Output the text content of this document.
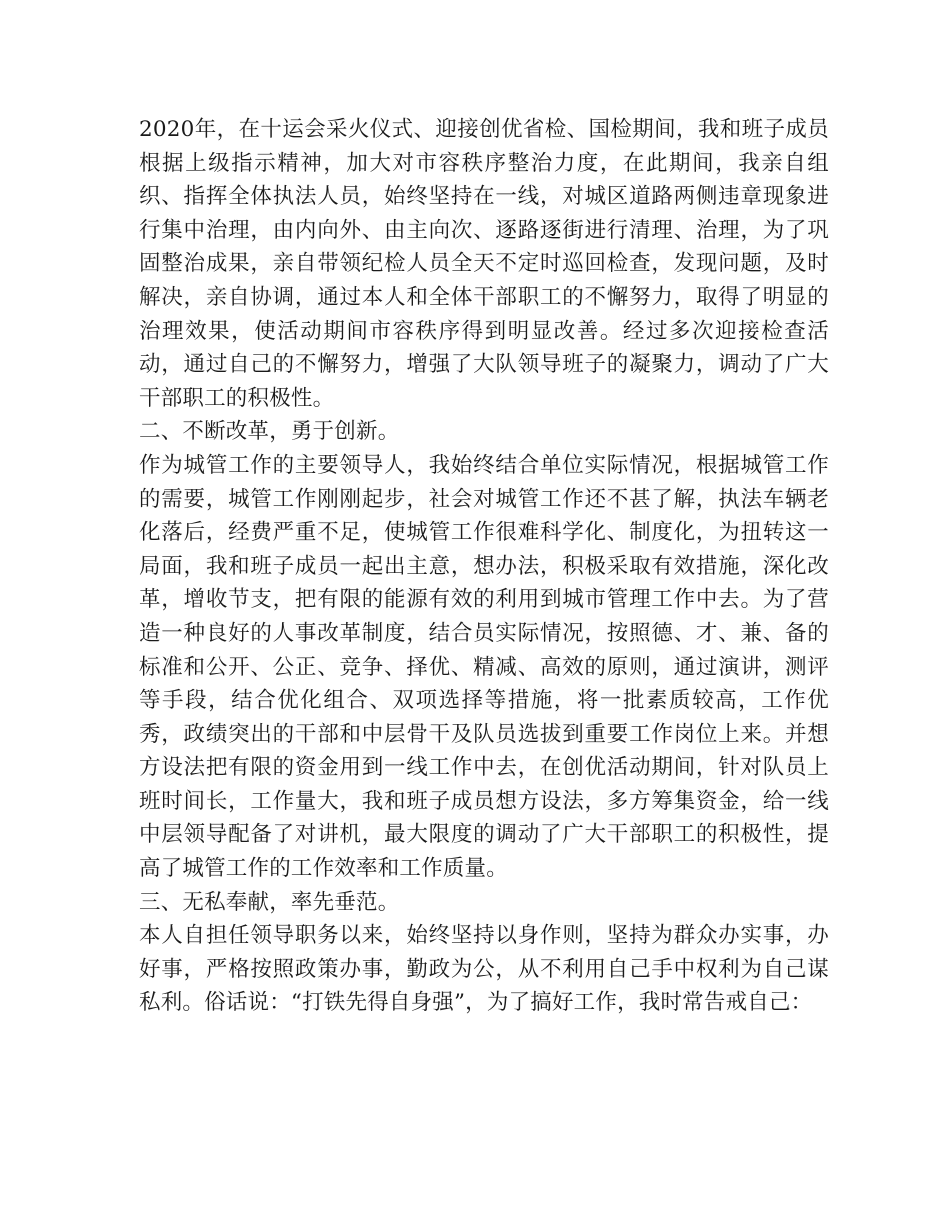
2020年，在十运会采火仪式、迎接创优省检、国检期间，我和班子成员根据上级指示精神，加大对市容秩序整治力度，在此期间，我亲自组织、指挥全体执法人员，始终坚持在一线，对城区道路两侧违章现象进行集中治理，由内向外、由主向次、逐路逐街进行清理、治理，为了巩固整治成果，亲自带领纪检人员全天不定时巡回检查，发现问题，及时解决，亲自协调，通过本人和全体干部职工的不懈努力，取得了明显的治理效果，使活动期间市容秩序得到明显改善。经过多次迎接检查活动，通过自己的不懈努力，增强了大队领导班子的凝聚力，调动了广大干部职工的积极性。

二、不断改革，勇于创新。

作为城管工作的主要领导人，我始终结合单位实际情况，根据城管工作的需要，城管工作刚刚起步，社会对城管工作还不甚了解，执法车辆老化落后，经费严重不足，使城管工作很难科学化、制度化，为扭转这一局面，我和班子成员一起出主意，想办法，积极采取有效措施，深化改革，增收节支，把有限的能源有效的利用到城市管理工作中去。为了营造一种良好的人事改革制度，结合员实际情况，按照德、才、兼、备的标准和公开、公正、竞争、择优、精减、高效的原则，通过演讲，测评等手段，结合优化组合、双项选择等措施，将一批素质较高，工作优秀，政绩突出的干部和中层骨干及队员选拔到重要工作岗位上来。并想方设法把有限的资金用到一线工作中去，在创优活动期间，针对队员上班时间长，工作量大，我和班子成员想方设法，多方筹集资金，给一线中层领导配备了对讲机，最大限度的调动了广大干部职工的积极性，提高了城管工作的工作效率和工作质量。

三、无私奉献，率先垂范。

本人自担任领导职务以来，始终坚持以身作则，坚持为群众办实事，办好事，严格按照政策办事，勤政为公，从不利用自己手中权利为自己谋私利。俗话说：“打铁先得自身强”，为了搞好工作，我时常告戒自己：
